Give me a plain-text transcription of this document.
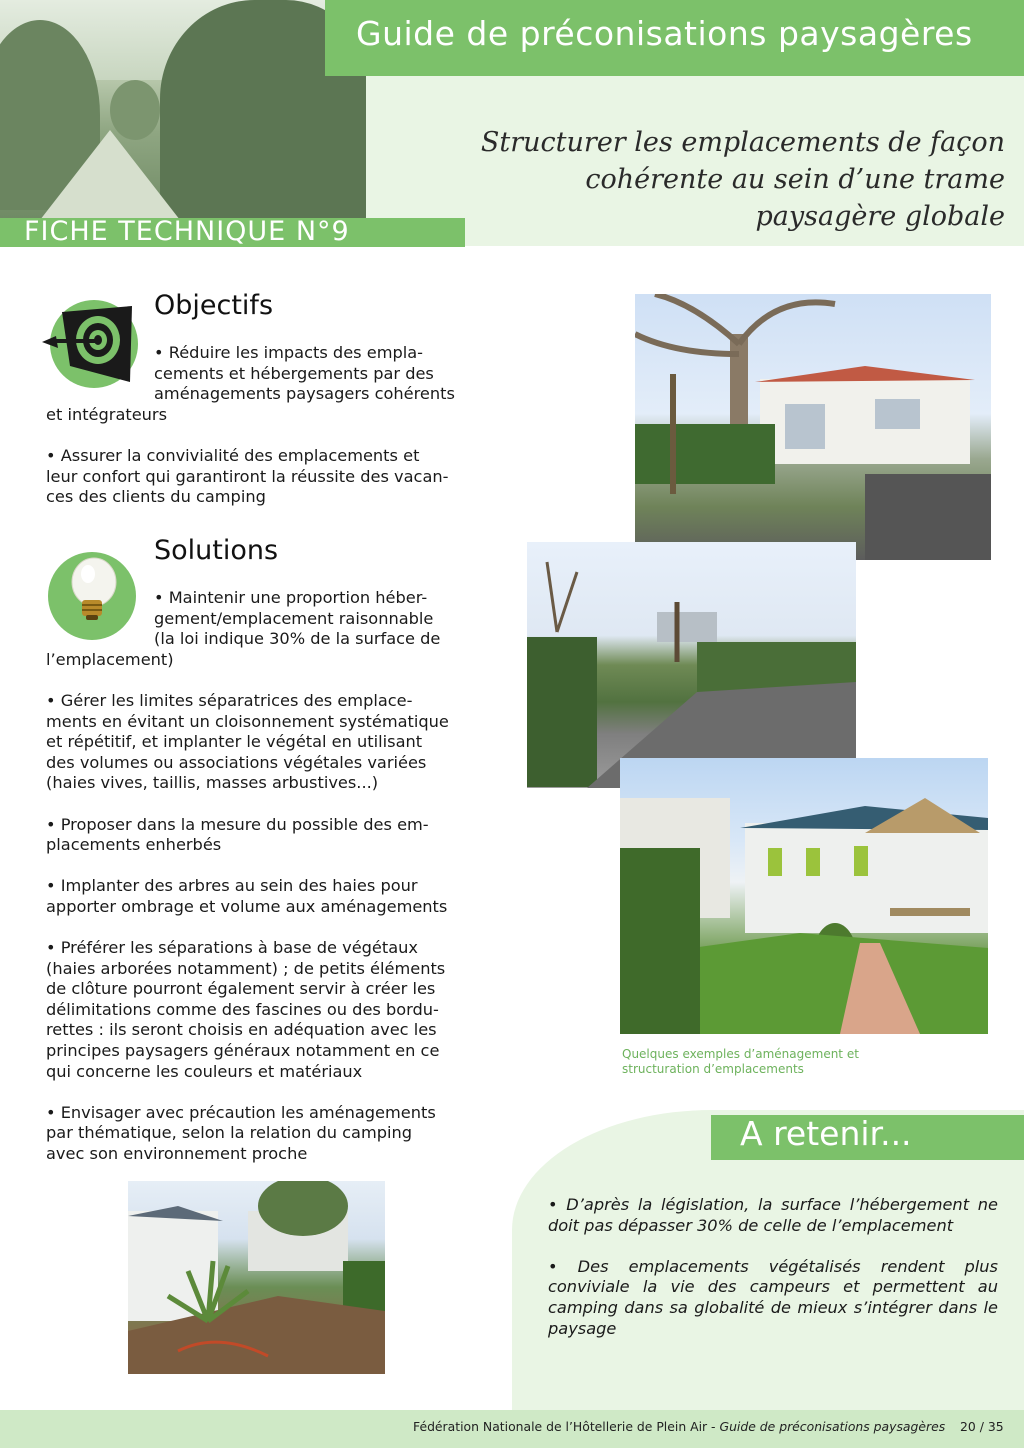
Guide de préconisations paysagères
Structurer les emplacements de façon
cohérente au sein d’une trame
paysagère globale
FICHE TECHNIQUE N°9
Objectifs
• Réduire les impacts des empla-
cements et hébergements par des
aménagements paysagers cohérents

et intégrateurs

• Assurer la convivialité des emplacements et

leur confort qui garantiront la réussite des vacan-

ces des clients du camping

Solutions
• Maintenir une proportion héber-
gement/emplacement raisonnable
(la loi indique 30% de la surface de

l’emplacement)

• Gérer les limites séparatrices des emplace-

ments en évitant un cloisonnement systématique

et répétitif, et implanter le végétal en utilisant

des volumes ou associations végétales variées

(haies vives, taillis, masses arbustives...)

• Proposer dans la mesure du possible des em-

placements enherbés

• Implanter des arbres au sein des haies pour

apporter ombrage et volume aux aménagements

• Préférer les séparations à base de végétaux

(haies arborées notamment) ; de petits éléments

de clôture pourront également servir à créer les

délimitations comme des fascines ou des bordu-

rettes : ils seront choisis en adéquation avec les

principes paysagers généraux notamment en ce

qui concerne les couleurs et matériaux

• Envisager avec précaution les aménagements

par thématique, selon la relation du camping

avec son environnement proche

Quelques exemples d’aménagement et
structuration d’emplacements
A retenir...

• D’après la législation, la surface l’hébergement ne doit pas dépasser 30% de celle de l’emplacement

• Des emplacements végétalisés rendent plus conviviale la vie des campeurs et permettent au camping dans sa globalité de mieux s’intégrer dans le paysage

Fédération Nationale de l’Hôtellerie de Plein Air - Guide de préconisations paysagères 20 / 35
